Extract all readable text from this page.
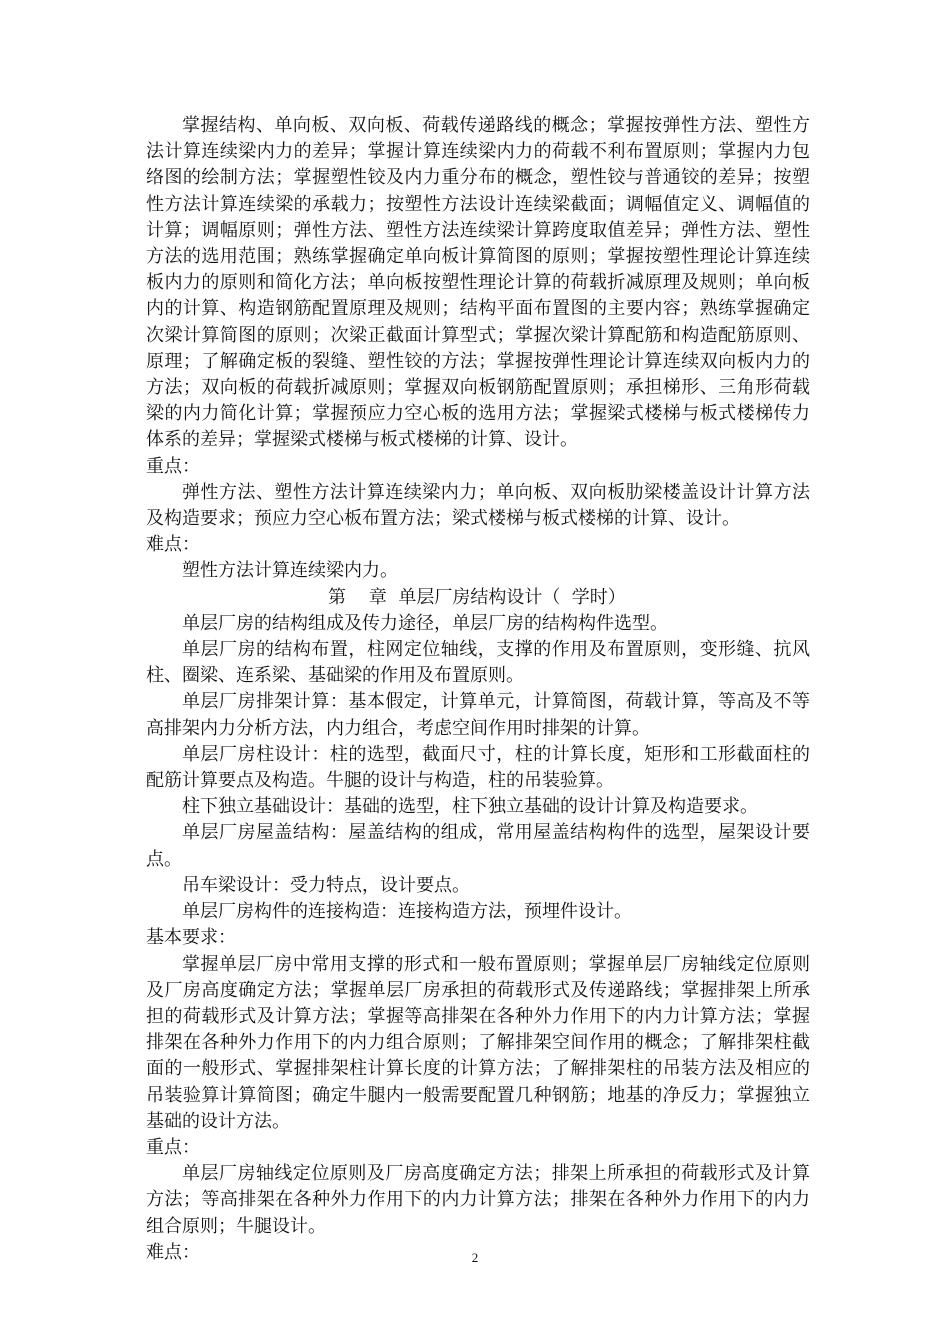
掌握结构、单向板、双向板、荷载传递路线的概念；掌握按弹性方法、塑性方法计算连续梁内力的差异；掌握计算连续梁内力的荷载不利布置原则；掌握内力包络图的绘制方法；掌握塑性铰及内力重分布的概念，塑性铰与普通铰的差异；按塑性方法计算连续梁的承载力；按塑性方法设计连续梁截面；调幅值定义、调幅值的计算；调幅原则；弹性方法、塑性方法连续梁计算跨度取值差异；弹性方法、塑性方法的选用范围；熟练掌握确定单向板计算简图的原则；掌握按塑性理论计算连续板内力的原则和简化方法；单向板按塑性理论计算的荷载折减原理及规则；单向板内的计算、构造钢筋配置原理及规则；结构平面布置图的主要内容；熟练掌握确定次梁计算简图的原则；次梁正截面计算型式；掌握次梁计算配筋和构造配筋原则、原理；了解确定板的裂缝、塑性铰的方法；掌握按弹性理论计算连续双向板内力的方法；双向板的荷载折减原则；掌握双向板钢筋配置原则；承担梯形、三角形荷载梁的内力简化计算；掌握预应力空心板的选用方法；掌握梁式楼梯与板式楼梯传力体系的差异；掌握梁式楼梯与板式楼梯的计算、设计。

重点：

弹性方法、塑性方法计算连续梁内力；单向板、双向板肋梁楼盖设计计算方法及构造要求；预应力空心板布置方法；梁式楼梯与板式楼梯的计算、设计。

难点：

塑性方法计算连续梁内力。

第    章  单层厂房结构设计（  学时）

单层厂房的结构组成及传力途径，单层厂房的结构构件选型。

单层厂房的结构布置，柱网定位轴线，支撑的作用及布置原则，变形缝、抗风柱、圈梁、连系梁、基础梁的作用及布置原则。

单层厂房排架计算：基本假定，计算单元，计算简图，荷载计算，等高及不等高排架内力分析方法，内力组合，考虑空间作用时排架的计算。

单层厂房柱设计：柱的选型，截面尺寸，柱的计算长度，矩形和工形截面柱的配筋计算要点及构造。牛腿的设计与构造，柱的吊装验算。

柱下独立基础设计：基础的选型，柱下独立基础的设计计算及构造要求。

单层厂房屋盖结构：屋盖结构的组成，常用屋盖结构构件的选型，屋架设计要点。

吊车梁设计：受力特点，设计要点。

单层厂房构件的连接构造：连接构造方法，预埋件设计。

基本要求：

掌握单层厂房中常用支撑的形式和一般布置原则；掌握单层厂房轴线定位原则及厂房高度确定方法；掌握单层厂房承担的荷载形式及传递路线；掌握排架上所承担的荷载形式及计算方法；掌握等高排架在各种外力作用下的内力计算方法；掌握排架在各种外力作用下的内力组合原则；了解排架空间作用的概念；了解排架柱截面的一般形式、掌握排架柱计算长度的计算方法；了解排架柱的吊装方法及相应的吊装验算计算简图；确定牛腿内一般需要配置几种钢筋；地基的净反力；掌握独立基础的设计方法。

重点：

单层厂房轴线定位原则及厂房高度确定方法；排架上所承担的荷载形式及计算方法；等高排架在各种外力作用下的内力计算方法；排架在各种外力作用下的内力组合原则；牛腿设计。

难点：	2
